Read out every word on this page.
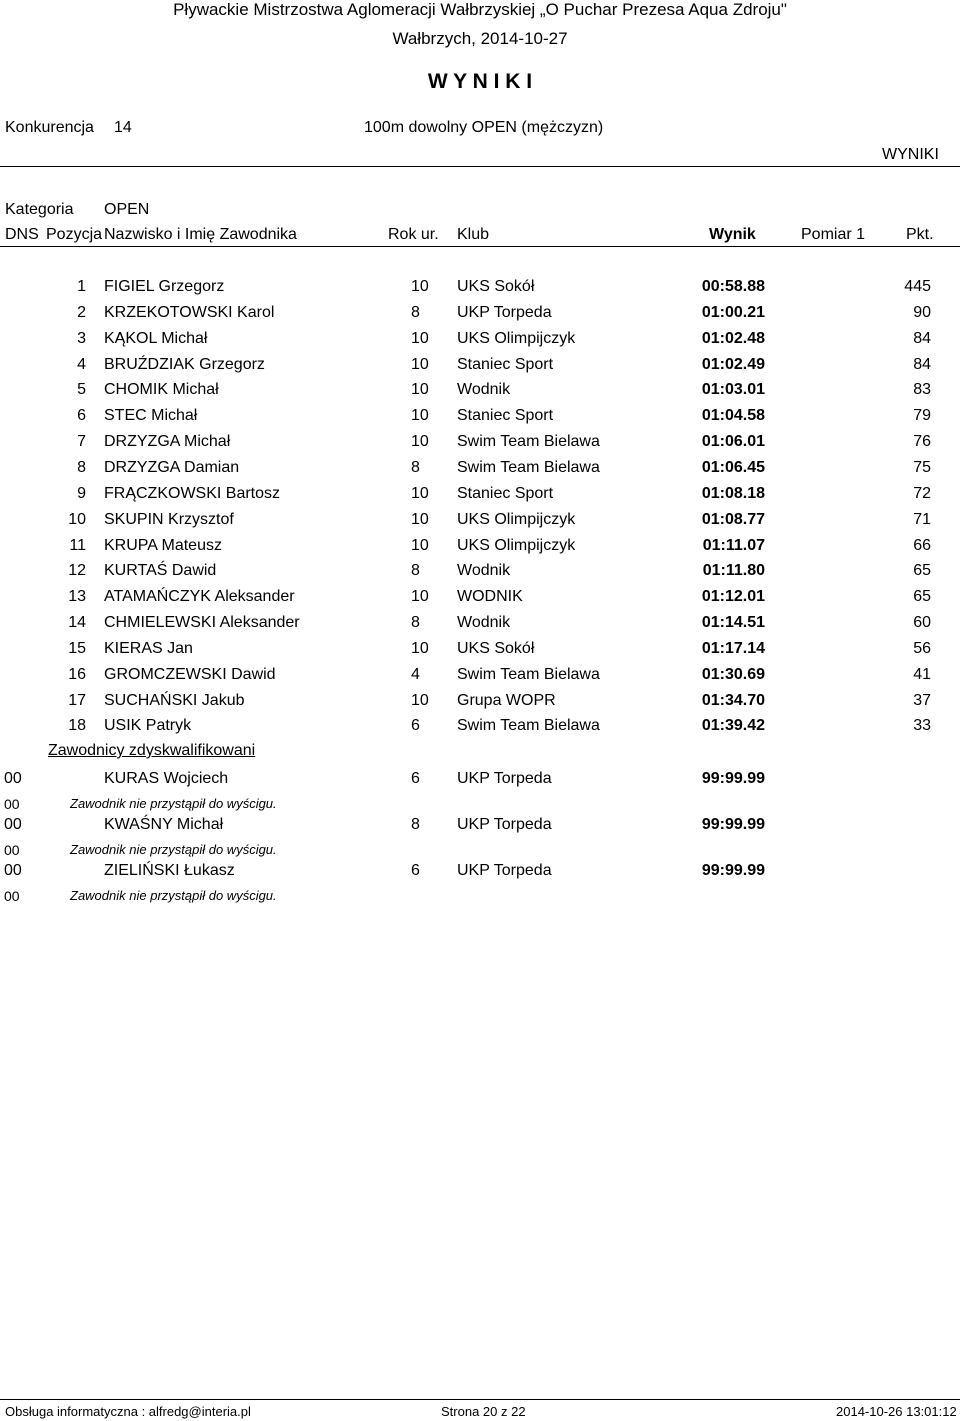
Pływackie Mistrzostwa Aglomeracji Wałbrzyskiej „O Puchar Prezesa Aqua Zdroju"
Wałbrzych, 2014-10-27
W Y N I K I
Konkurencja 14	100m dowolny OPEN (mężczyzn)
WYNIKI
Kategoria OPEN
DNS Pozycja Nazwisko i Imię Zawodnika	Rok ur. Klub	Wynik	Pomiar 1	Pkt.
1 FIGIEL Grzegorz	10 UKS Sokół	00:58.88	445
2 KRZEKOTOWSKI Karol	8 UKP Torpeda	01:00.21	90
3 KĄKOL Michał	10 UKS Olimpijczyk	01:02.48	84
4 BRUŹDZIAK Grzegorz	10 Staniec Sport	01:02.49	84
5 CHOMIK Michał	10 Wodnik	01:03.01	83
6 STEC Michał	10 Staniec Sport	01:04.58	79
7 DRZYZGA Michał	10 Swim Team Bielawa	01:06.01	76
8 DRZYZGA Damian	8 Swim Team Bielawa	01:06.45	75
9 FRĄCZKOWSKI Bartosz	10 Staniec Sport	01:08.18	72
10 SKUPIN Krzysztof	10 UKS Olimpijczyk	01:08.77	71
11 KRUPA Mateusz	10 UKS Olimpijczyk	01:11.07	66
12 KURTAŚ Dawid	8 Wodnik	01:11.80	65
13 ATAMAŃCZYK Aleksander	10 WODNIK	01:12.01	65
14 CHMIELEWSKI Aleksander	8 Wodnik	01:14.51	60
15 KIERAS Jan	10 UKS Sokół	01:17.14	56
16 GROMCZEWSKI Dawid	4 Swim Team Bielawa	01:30.69	41
17 SUCHAŃSKI Jakub	10 Grupa WOPR	01:34.70	37
18 USIK Patryk	6 Swim Team Bielawa	01:39.42	33
Zawodnicy zdyskwalifikowani
00	KURAS Wojciech	6 UKP Torpeda	99:99.99
00	Zawodnik nie przystąpił do wyścigu.
00	KWAŚNY Michał	8 UKP Torpeda	99:99.99
00	Zawodnik nie przystąpił do wyścigu.
00	ZIELIŃSKI Łukasz	6 UKP Torpeda	99:99.99
00	Zawodnik nie przystąpił do wyścigu.
Obsługa informatyczna : alfredg@interia.pl	Strona 20 z 22	2014-10-26 13:01:12
